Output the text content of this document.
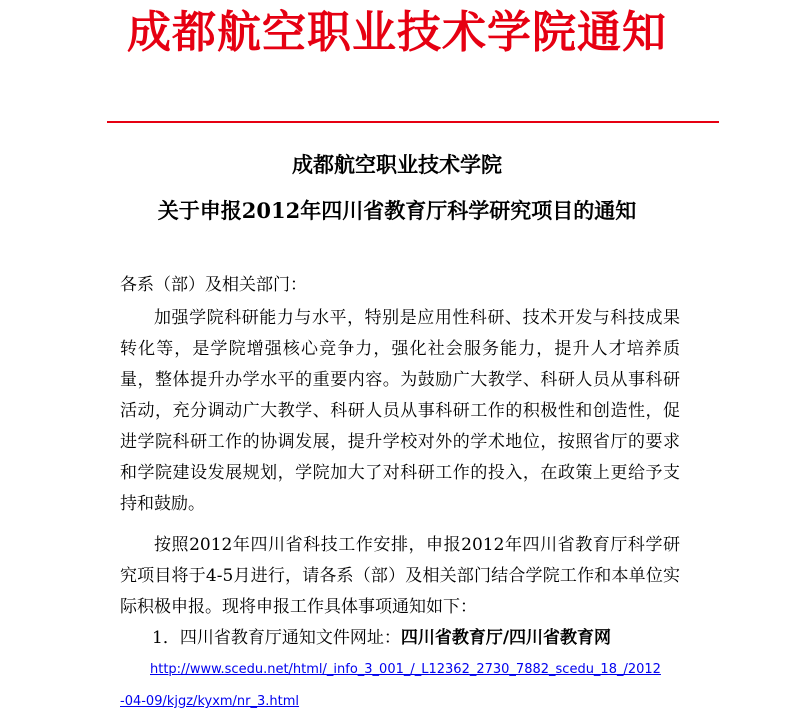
成都航空职业技术学院通知
成都航空职业技术学院
关于申报2012年四川省教育厅科学研究项目的通知
各系（部）及相关部门：

加强学院科研能力与水平，特别是应用性科研、技术开发与科技成果转化等，是学院增强核心竞争力，强化社会服务能力，提升人才培养质量，整体提升办学水平的重要内容。为鼓励广大教学、科研人员从事科研活动，充分调动广大教学、科研人员从事科研工作的积极性和创造性，促进学院科研工作的协调发展，提升学校对外的学术地位，按照省厅的要求和学院建设发展规划，学院加大了对科研工作的投入，在政策上更给予支持和鼓励。

按照2012年四川省科技工作安排，申报2012年四川省教育厅科学研究项目将于4-5月进行，请各系（部）及相关部门结合学院工作和本单位实际积极申报。现将申报工作具体事项通知如下：

1．四川省教育厅通知文件网址：四川省教育厅/四川省教育网
http://www.scedu.net/html/_info_3_001_/_L12362_2730_7882_scedu_18_/2012
-04-09/kjgz/kyxm/nr_3.html
